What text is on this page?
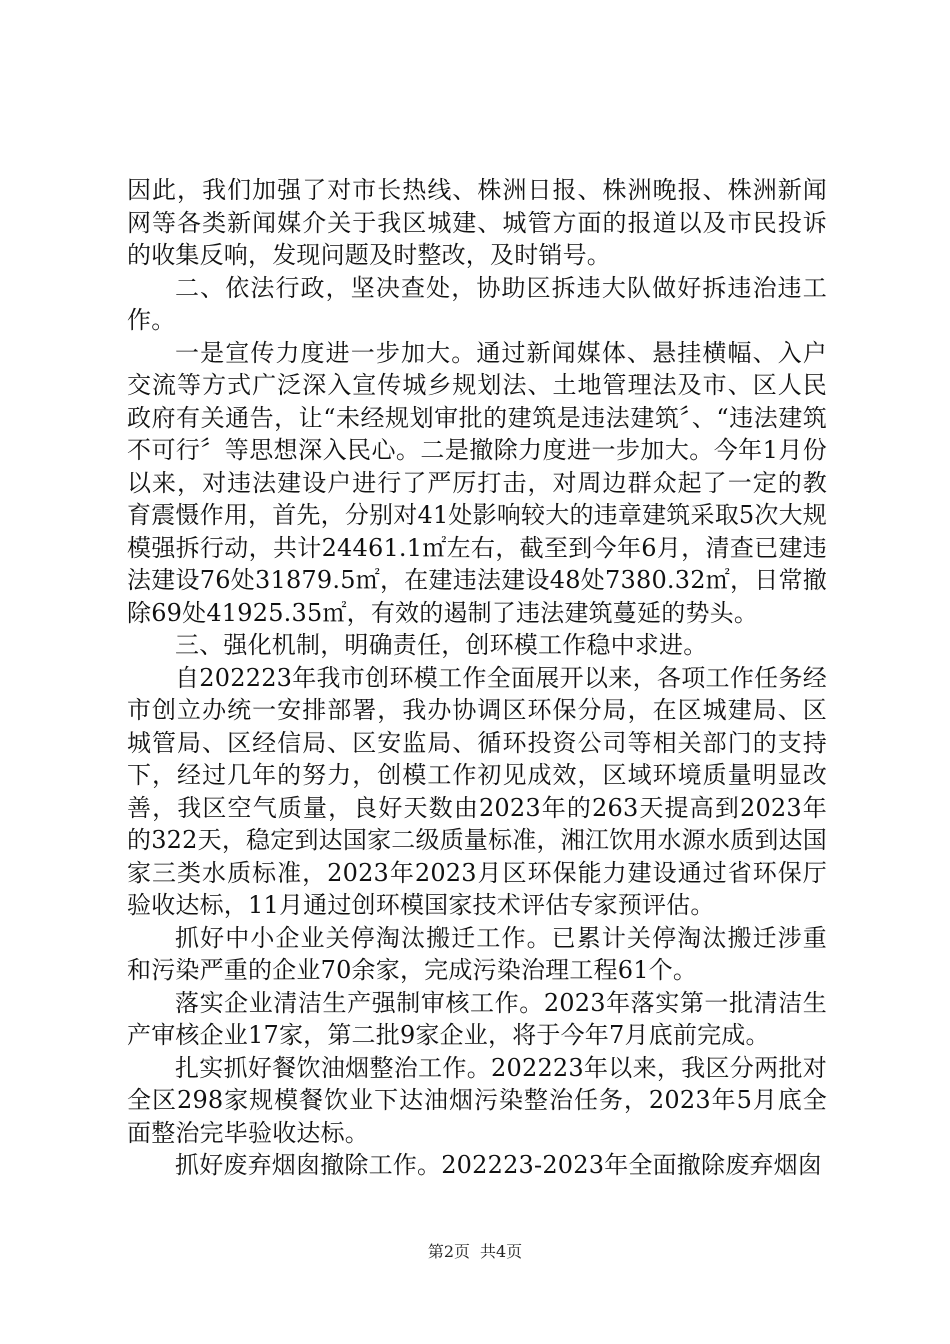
因此，我们加强了对市长热线、株洲日报、株洲晚报、株洲新闻网等各类新闻媒介关于我区城建、城管方面的报道以及市民投诉的收集反响，发现问题及时整改，及时销号。

二、依法行政，坚决查处，协助区拆违大队做好拆违治违工作。

一是宣传力度进一步加大。通过新闻媒体、悬挂横幅、入户交流等方式广泛深入宣传城乡规划法、土地管理法及市、区人民政府有关通告，让“未经规划审批的建筑是违法建筑〞、“违法建筑不可行〞等思想深入民心。二是撤除力度进一步加大。今年1月份以来，对违法建设户进行了严厉打击，对周边群众起了一定的教育震慑作用，首先，分别对41处影响较大的违章建筑采取5次大规模强拆行动，共计24461.1㎡左右，截至到今年6月，清查已建违法建设76处31879.5㎡，在建违法建设48处7380.32㎡，日常撤除69处41925.35㎡，有效的遏制了违法建筑蔓延的势头。

三、强化机制，明确责任，创环模工作稳中求进。

自202223年我市创环模工作全面展开以来，各项工作任务经市创立办统一安排部署，我办协调区环保分局，在区城建局、区城管局、区经信局、区安监局、循环投资公司等相关部门的支持下，经过几年的努力，创模工作初见成效，区域环境质量明显改善，我区空气质量，良好天数由2023年的263天提高到2023年的322天，稳定到达国家二级质量标准，湘江饮用水源水质到达国家三类水质标准，2023年2023月区环保能力建设通过省环保厅验收达标，11月通过创环模国家技术评估专家预评估。

抓好中小企业关停淘汰搬迁工作。已累计关停淘汰搬迁涉重和污染严重的企业70余家，完成污染治理工程61个。

落实企业清洁生产强制审核工作。2023年落实第一批清洁生产审核企业17家，第二批9家企业，将于今年7月底前完成。

扎实抓好餐饮油烟整治工作。202223年以来，我区分两批对全区298家规模餐饮业下达油烟污染整治任务，2023年5月底全面整治完毕验收达标。

抓好废弃烟囱撤除工作。202223-2023年全面撤除废弃烟囱

第2页 共4页
